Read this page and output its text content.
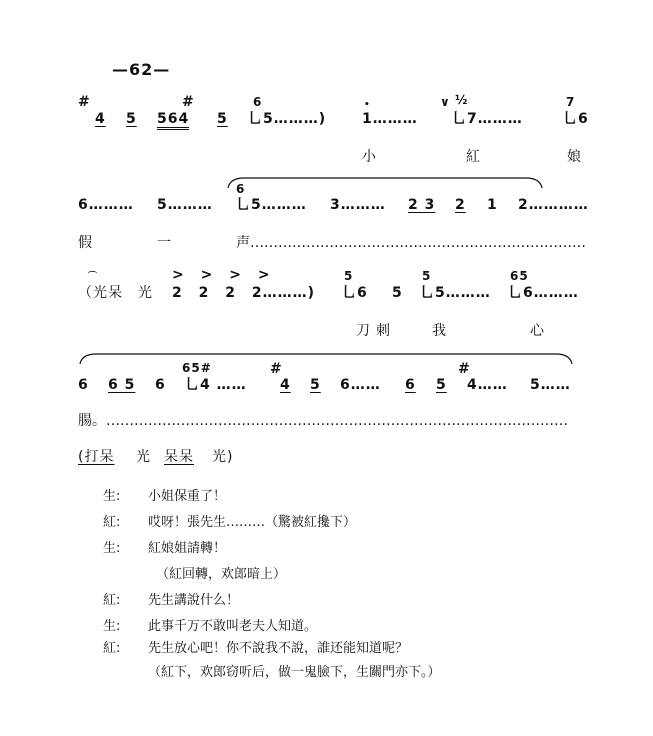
—62—
#	#	6	∨ ½	7
4 5 564 5 乚5………)
•
1……… 乚7………	乚6
小	紅	娘
6
6……… 5……… 乚5……… 3……… 2 3 2 1 2…………
假	一	声………………………………………………………………
> > > >	5	5	65
⌒
（光呆 光 2 2 2 2………) 乚6 5 乚5……… 乚6………
刀 刺	我	心
65#	#	#
6 6 5 6 乚4 …… 4 5 6…… 6 5 4…… 5……
腸。………………………………………………………………………………………
(打呆 光 呆呆 光)
生: 小姐保重了！
紅: 哎呀！張先生………（驚被紅攙下）
生: 紅娘姐請轉！
（紅回轉，欢郎暗上）
紅: 先生講說什么！
生: 此事千万不敢叫老夫人知道。
紅: 先生放心吧！你不說我不說，誰还能知道呢？
（紅下，欢郎窃听后，做一鬼臉下，生關門亦下。）
